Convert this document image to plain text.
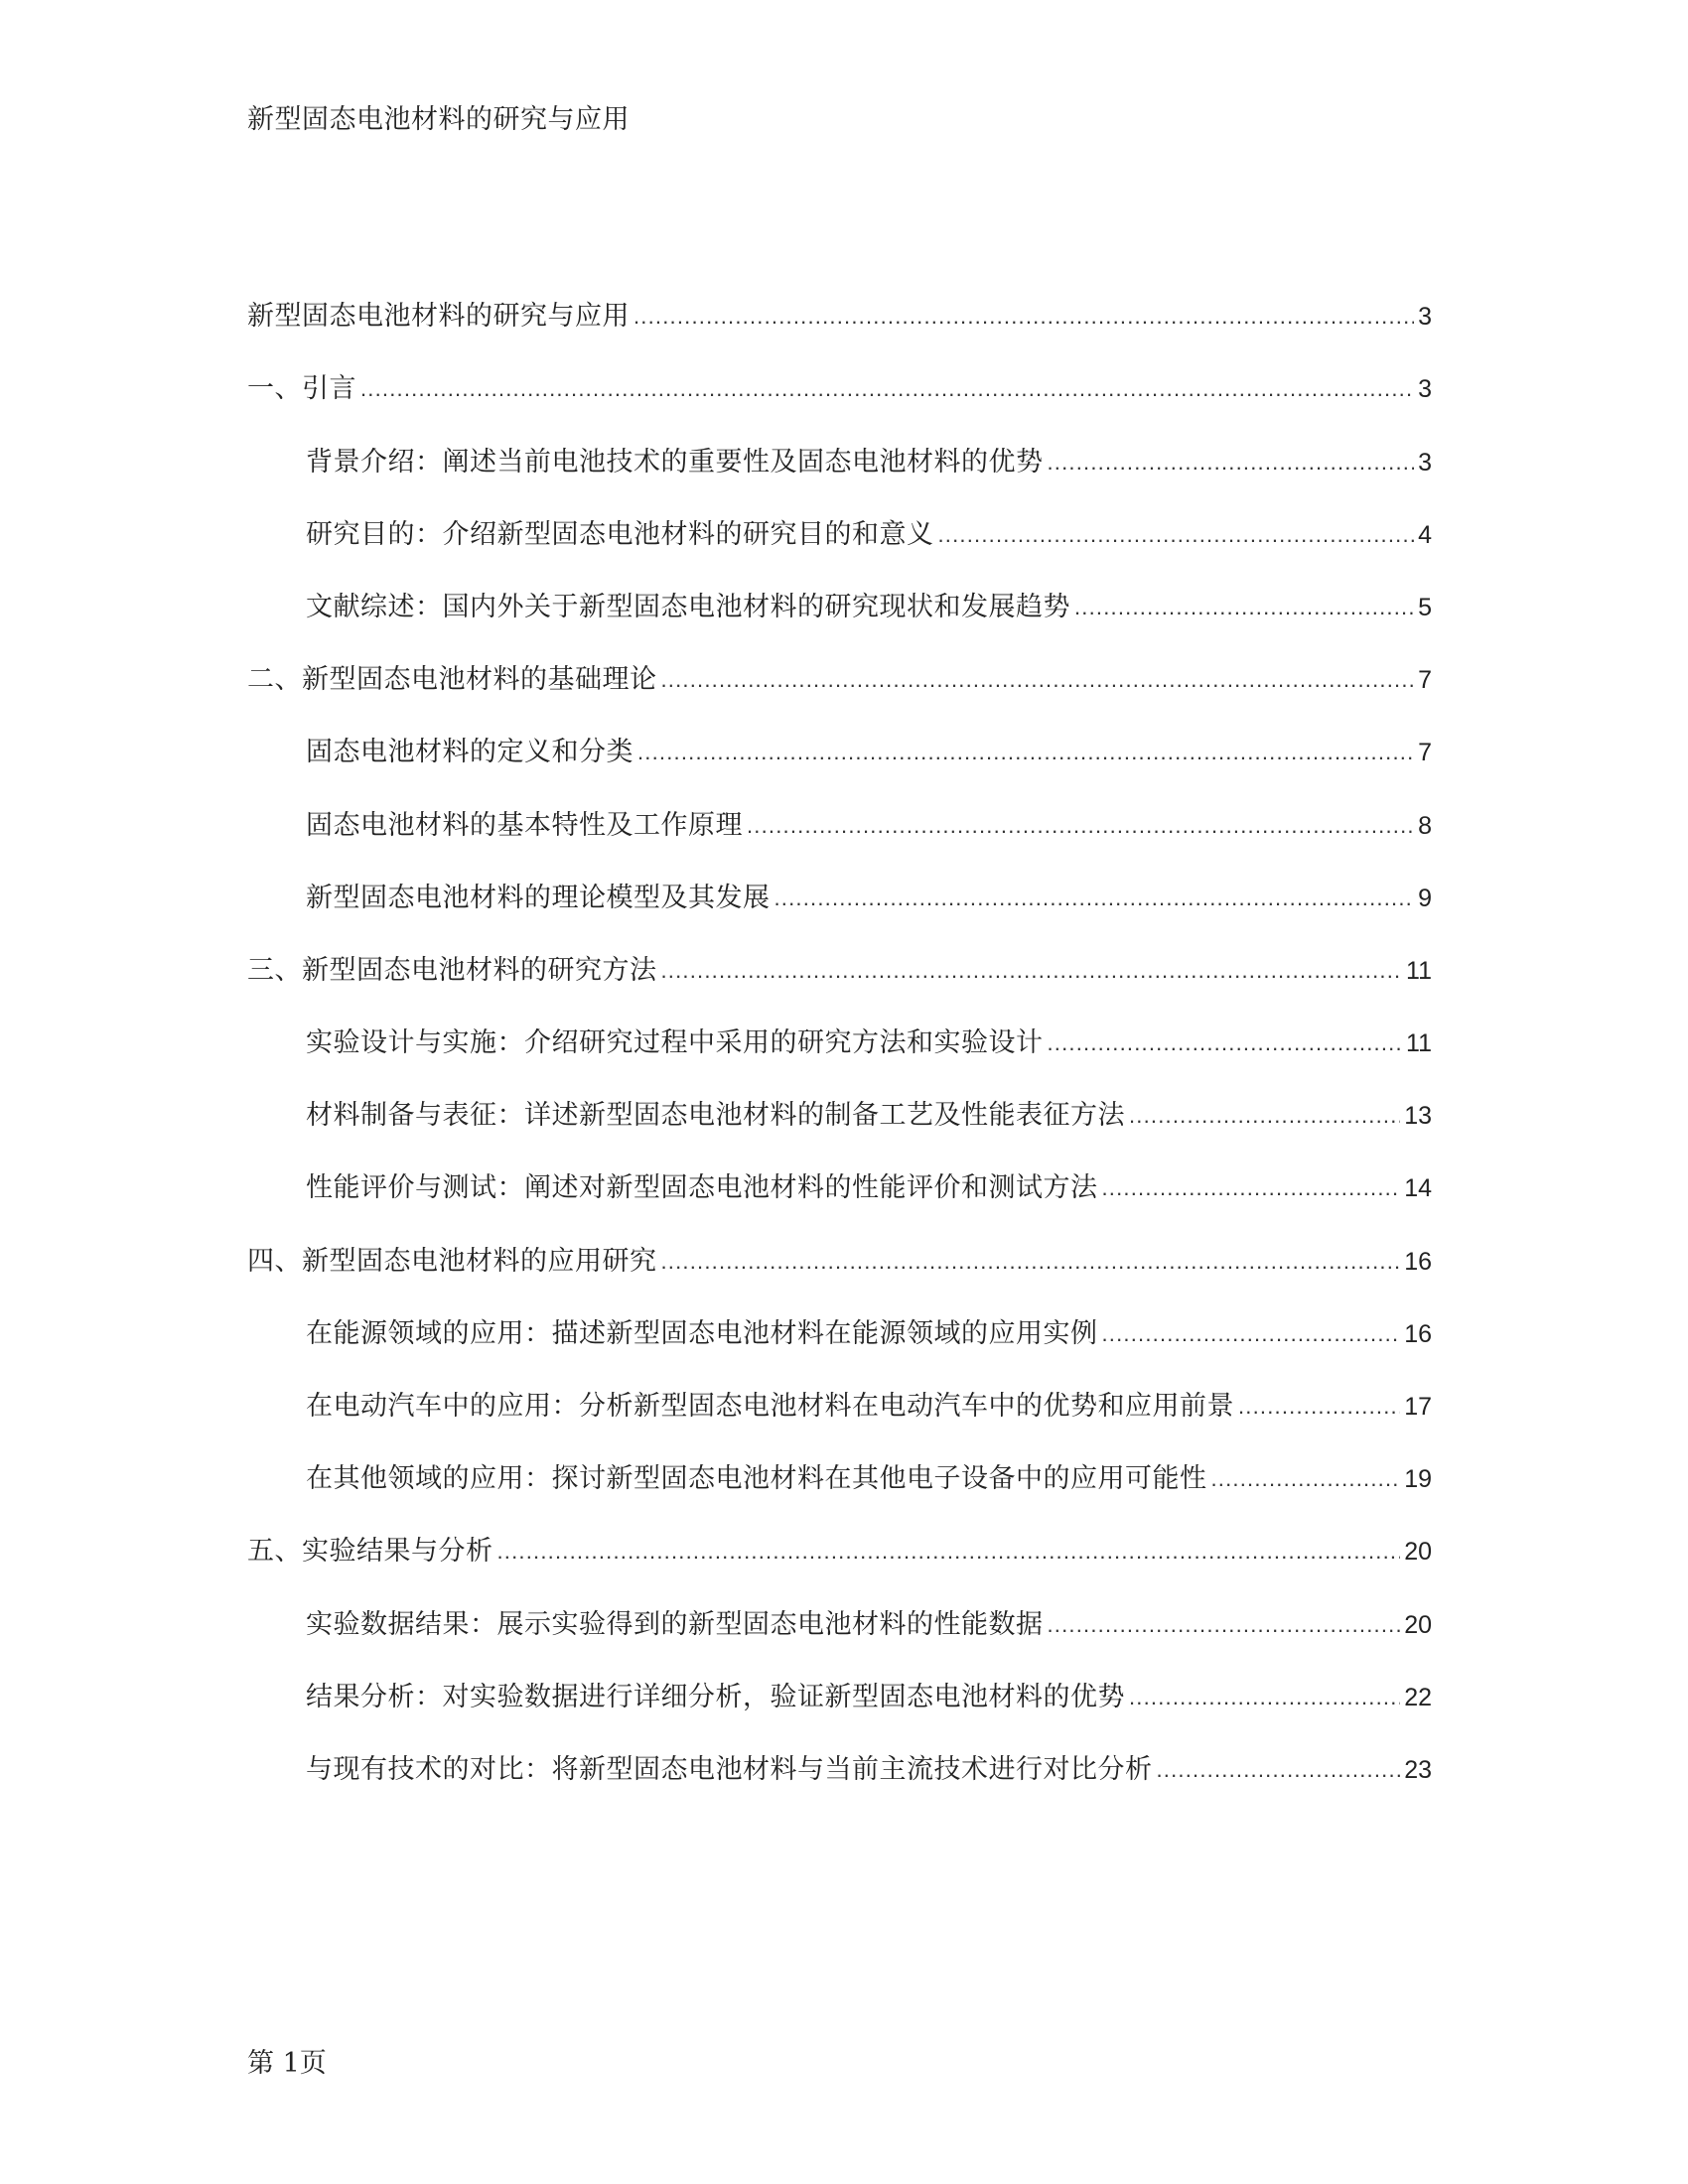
新型固态电池材料的研究与应用
新型固态电池材料的研究与应用 .....	3
一、引言 .....	3
背景介绍：阐述当前电池技术的重要性及固态电池材料的优势 .....	3
研究目的：介绍新型固态电池材料的研究目的和意义 .....	4
文献综述：国内外关于新型固态电池材料的研究现状和发展趋势 .....	5
二、新型固态电池材料的基础理论 .....	7
固态电池材料的定义和分类 .....	7
固态电池材料的基本特性及工作原理 .....	8
新型固态电池材料的理论模型及其发展 .....	9
三、新型固态电池材料的研究方法 .....	11
实验设计与实施：介绍研究过程中采用的研究方法和实验设计 .....	11
材料制备与表征：详述新型固态电池材料的制备工艺及性能表征方法 .....	13
性能评价与测试：阐述对新型固态电池材料的性能评价和测试方法 .....	14
四、新型固态电池材料的应用研究 .....	16
在能源领域的应用：描述新型固态电池材料在能源领域的应用实例 .....	16
在电动汽车中的应用：分析新型固态电池材料在电动汽车中的优势和应用前景 .....	17
在其他领域的应用：探讨新型固态电池材料在其他电子设备中的应用可能性 .....	19
五、实验结果与分析 .....	20
实验数据结果：展示实验得到的新型固态电池材料的性能数据 .....	20
结果分析：对实验数据进行详细分析，验证新型固态电池材料的优势 .....	22
与现有技术的对比：将新型固态电池材料与当前主流技术进行对比分析 .....	23
第 1页
